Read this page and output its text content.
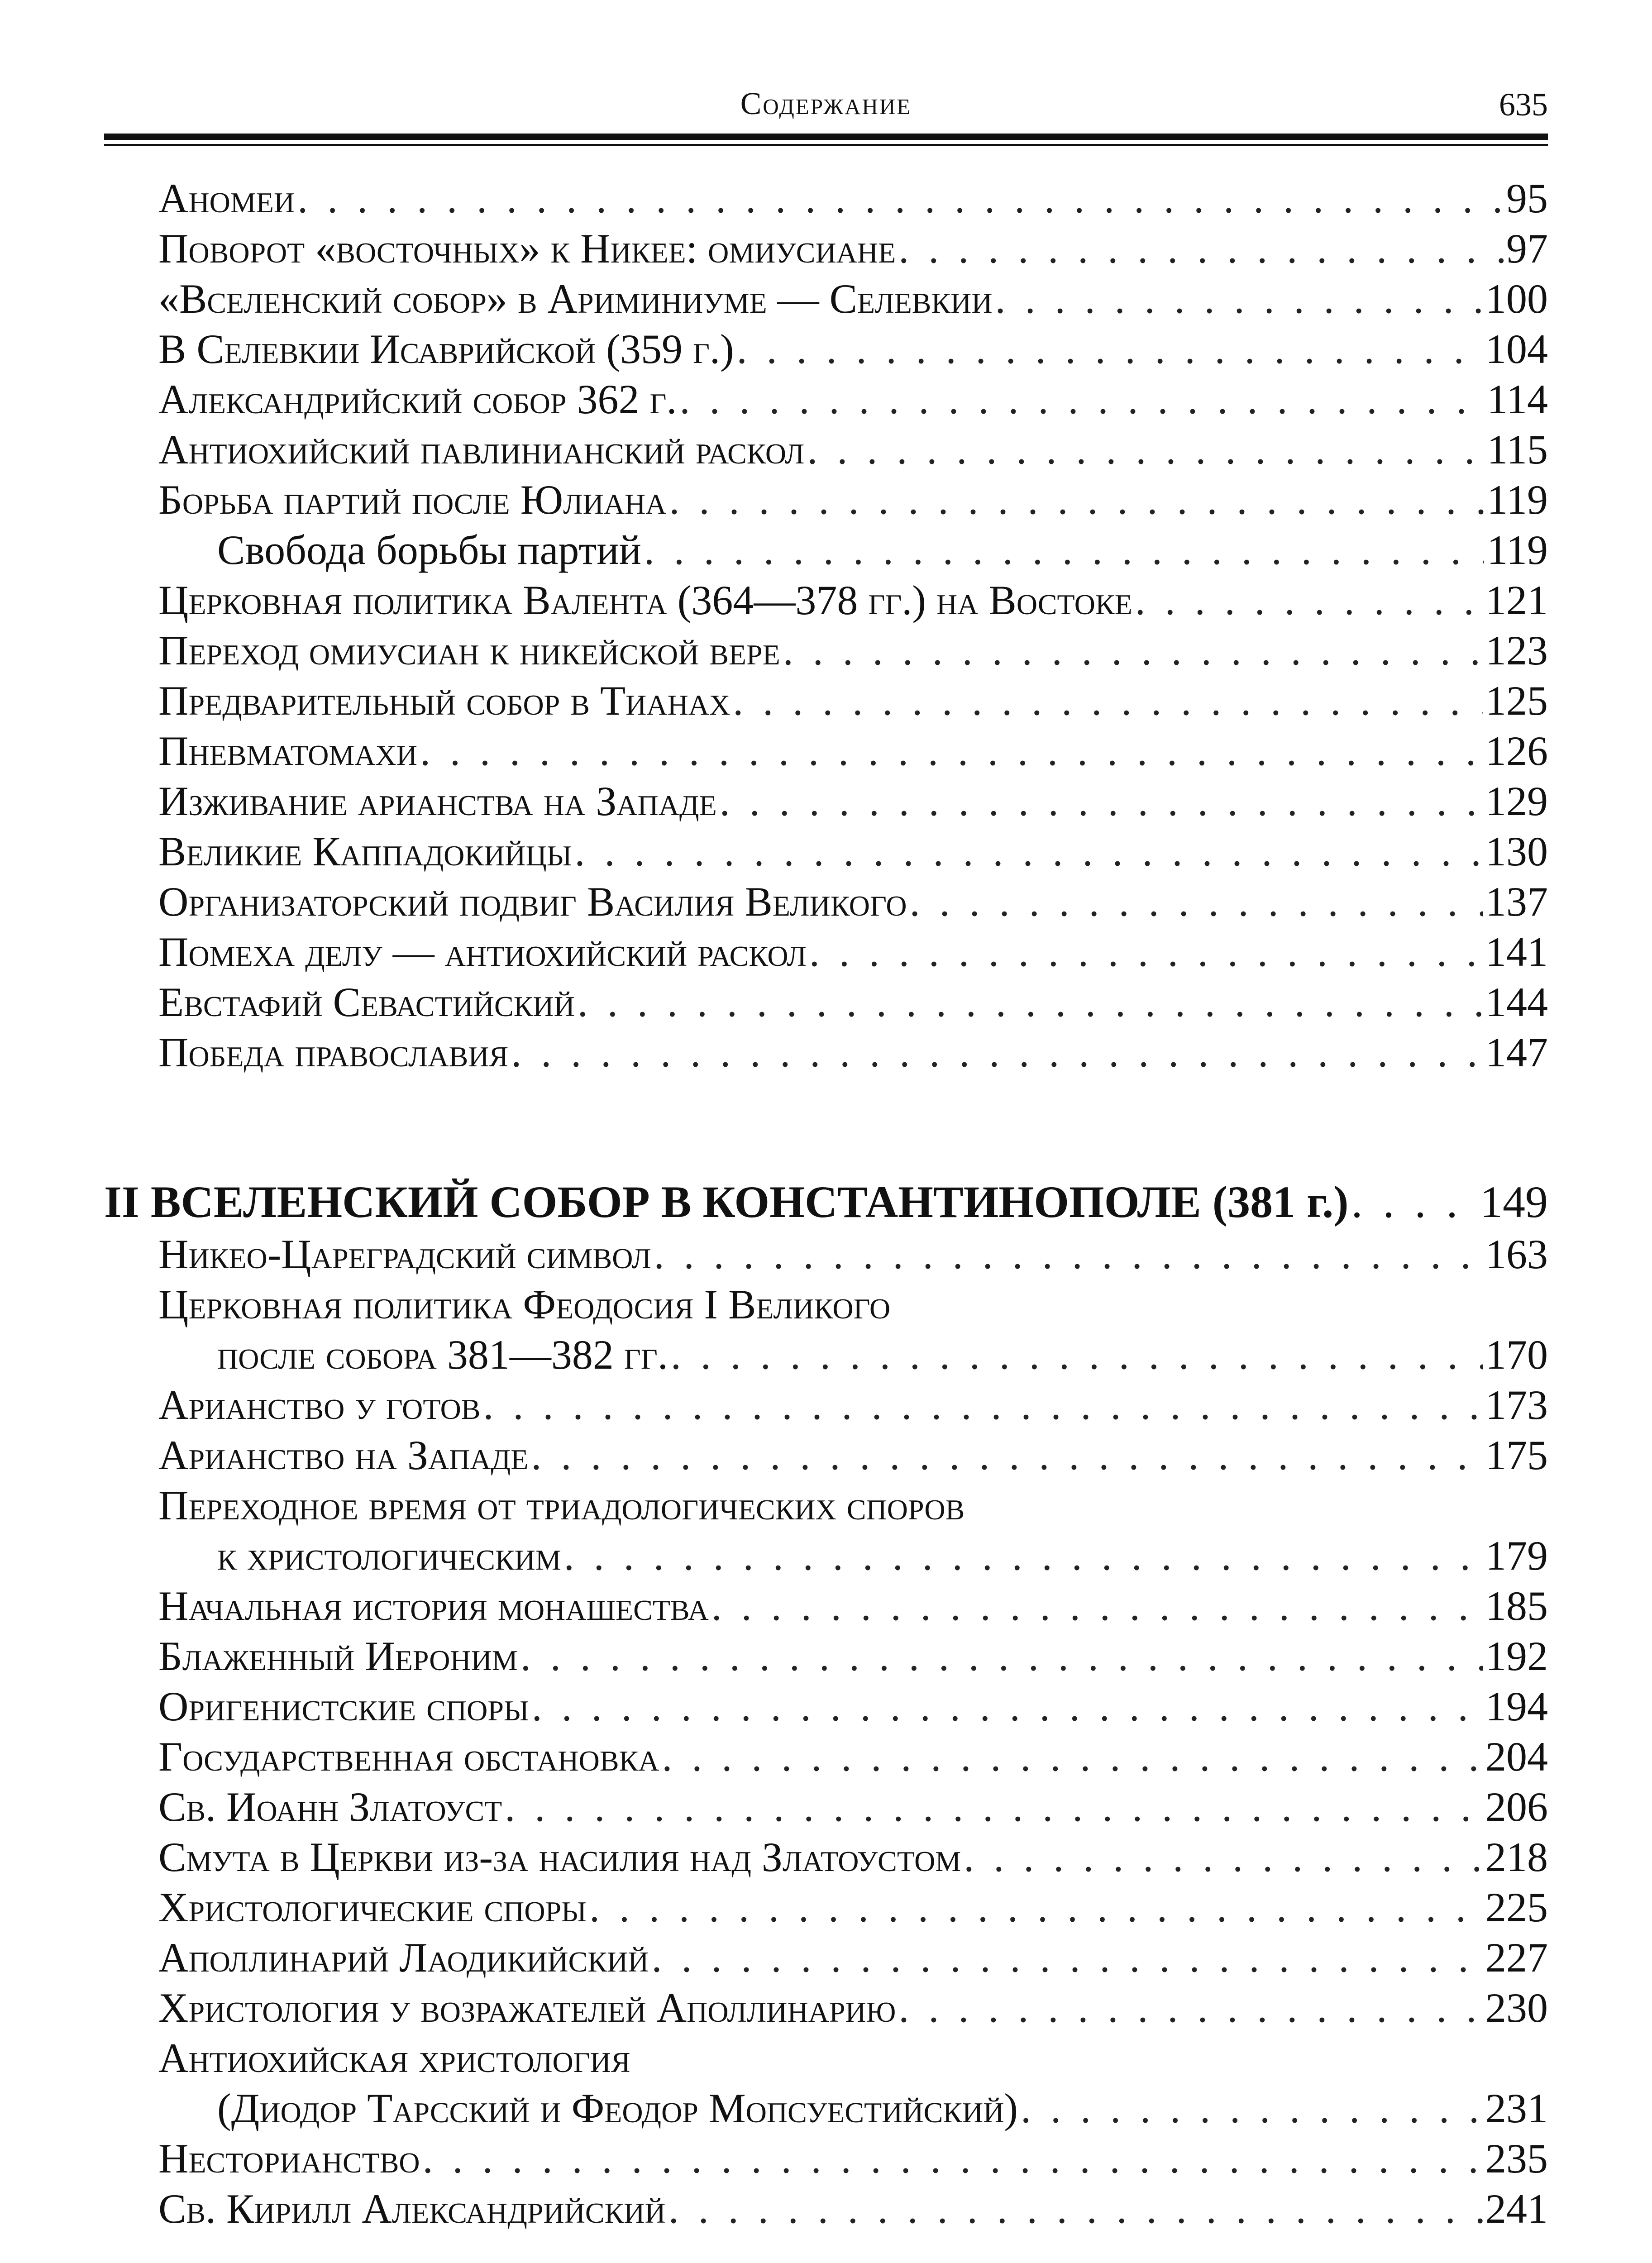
Содержание	635
Аномеи . . .	95
Поворот «восточных» к Никее: омиусиане . . .	97
«Вселенский собор» в Ариминиуме — Селевкии . . .	100
В Селевкии Исаврийской (359 г.) . . .	104
Александрийский собор 362 г. . . .	114
Антиохийский павлинианский раскол . . .	115
Борьба партий после Юлиана . . .	119
Свобода борьбы партий . . .	119
Церковная политика Валента (364—378 гг.) на Востоке . . .	121
Переход омиусиан к никейской вере . . .	123
Предварительный собор в Тианах . . .	125
Пневматомахи . . .	126
Изживание арианства на Западе . . .	129
Великие Каппадокийцы . . .	130
Организаторский подвиг Василия Великого . . .	137
Помеха делу — антиохийский раскол . . .	141
Евстафий Севастийский . . .	144
Победа православия . . .	147
II ВСЕЛЕНСКИЙ СОБОР В КОНСТАНТИНОПОЛЕ (381 г.) . . .	149
Никео-Цареградский символ . . .	163
Церковная политика Феодосия I Великого
после собора 381—382 гг. . . .	170
Арианство у готов . . .	173
Арианство на Западе . . .	175
Переходное время от триадологических споров
к христологическим . . .	179
Начальная история монашества . . .	185
Блаженный Иероним . . .	192
Оригенистские споры . . .	194
Государственная обстановка . . .	204
Св. Иоанн Златоуст . . .	206
Смута в Церкви из-за насилия над Златоустом . . .	218
Христологические споры . . .	225
Аполлинарий Лаодикийский . . .	227
Христология у возражателей Аполлинарию . . .	230
Антиохийская христология
(Диодор Тарсский и Феодор Мопсуестийский) . . .	231
Несторианство . . .	235
Св. Кирилл Александрийский . . .	241
